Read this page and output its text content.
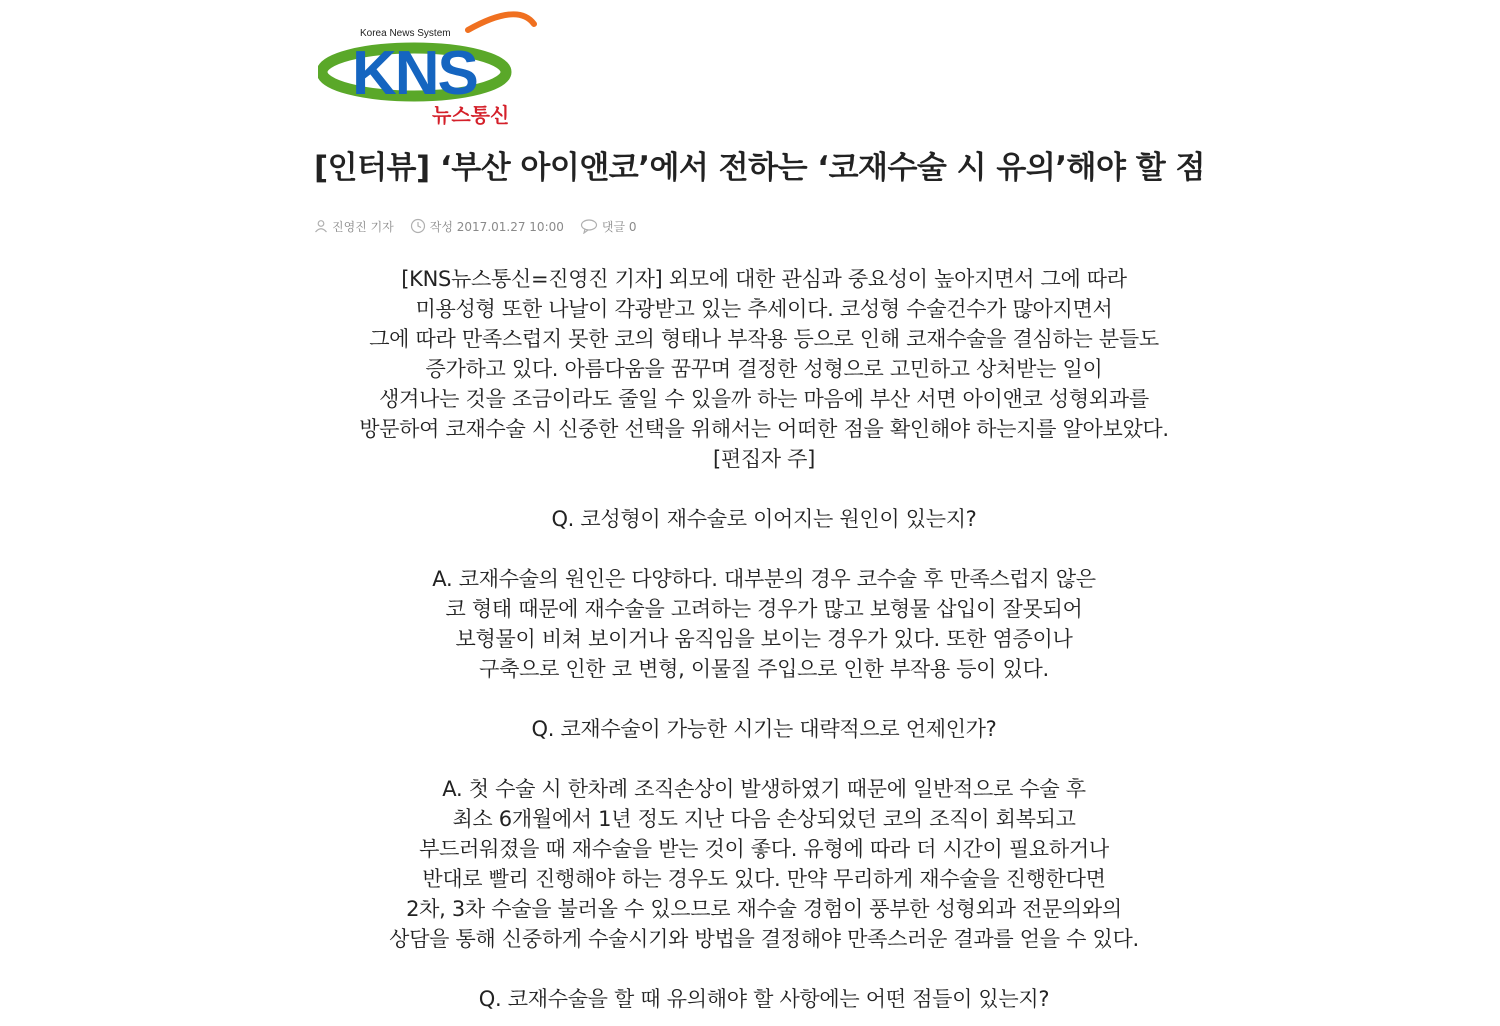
Korea News System
KNS
뉴스통신
[인터뷰] ‘부산 아이앤코’에서 전하는 ‘코재수술 시 유의’해야 할 점
진영진 기자	작성 2017.01.27 10:00	댓글 0
[KNS뉴스통신=진영진 기자] 외모에 대한 관심과 중요성이 높아지면서 그에 따라
미용성형 또한 나날이 각광받고 있는 추세이다. 코성형 수술건수가 많아지면서
그에 따라 만족스럽지 못한 코의 형태나 부작용 등으로 인해 코재수술을 결심하는 분들도
증가하고 있다. 아름다움을 꿈꾸며 결정한 성형으로 고민하고 상처받는 일이
생겨나는 것을 조금이라도 줄일 수 있을까 하는 마음에 부산 서면 아이앤코 성형외과를
방문하여 코재수술 시 신중한 선택을 위해서는 어떠한 점을 확인해야 하는지를 알아보았다.
[편집자 주]
Q. 코성형이 재수술로 이어지는 원인이 있는지?
A. 코재수술의 원인은 다양하다. 대부분의 경우 코수술 후 만족스럽지 않은
코 형태 때문에 재수술을 고려하는 경우가 많고 보형물 삽입이 잘못되어
보형물이 비쳐 보이거나 움직임을 보이는 경우가 있다. 또한 염증이나
구축으로 인한 코 변형, 이물질 주입으로 인한 부작용 등이 있다.
Q. 코재수술이 가능한 시기는 대략적으로 언제인가?
A. 첫 수술 시 한차례 조직손상이 발생하였기 때문에 일반적으로 수술 후
최소 6개월에서 1년 정도 지난 다음 손상되었던 코의 조직이 회복되고
부드러워졌을 때 재수술을 받는 것이 좋다. 유형에 따라 더 시간이 필요하거나
반대로 빨리 진행해야 하는 경우도 있다. 만약 무리하게 재수술을 진행한다면
2차, 3차 수술을 불러올 수 있으므로 재수술 경험이 풍부한 성형외과 전문의와의
상담을 통해 신중하게 수술시기와 방법을 결정해야 만족스러운 결과를 얻을 수 있다.
Q. 코재수술을 할 때 유의해야 할 사항에는 어떤 점들이 있는지?
